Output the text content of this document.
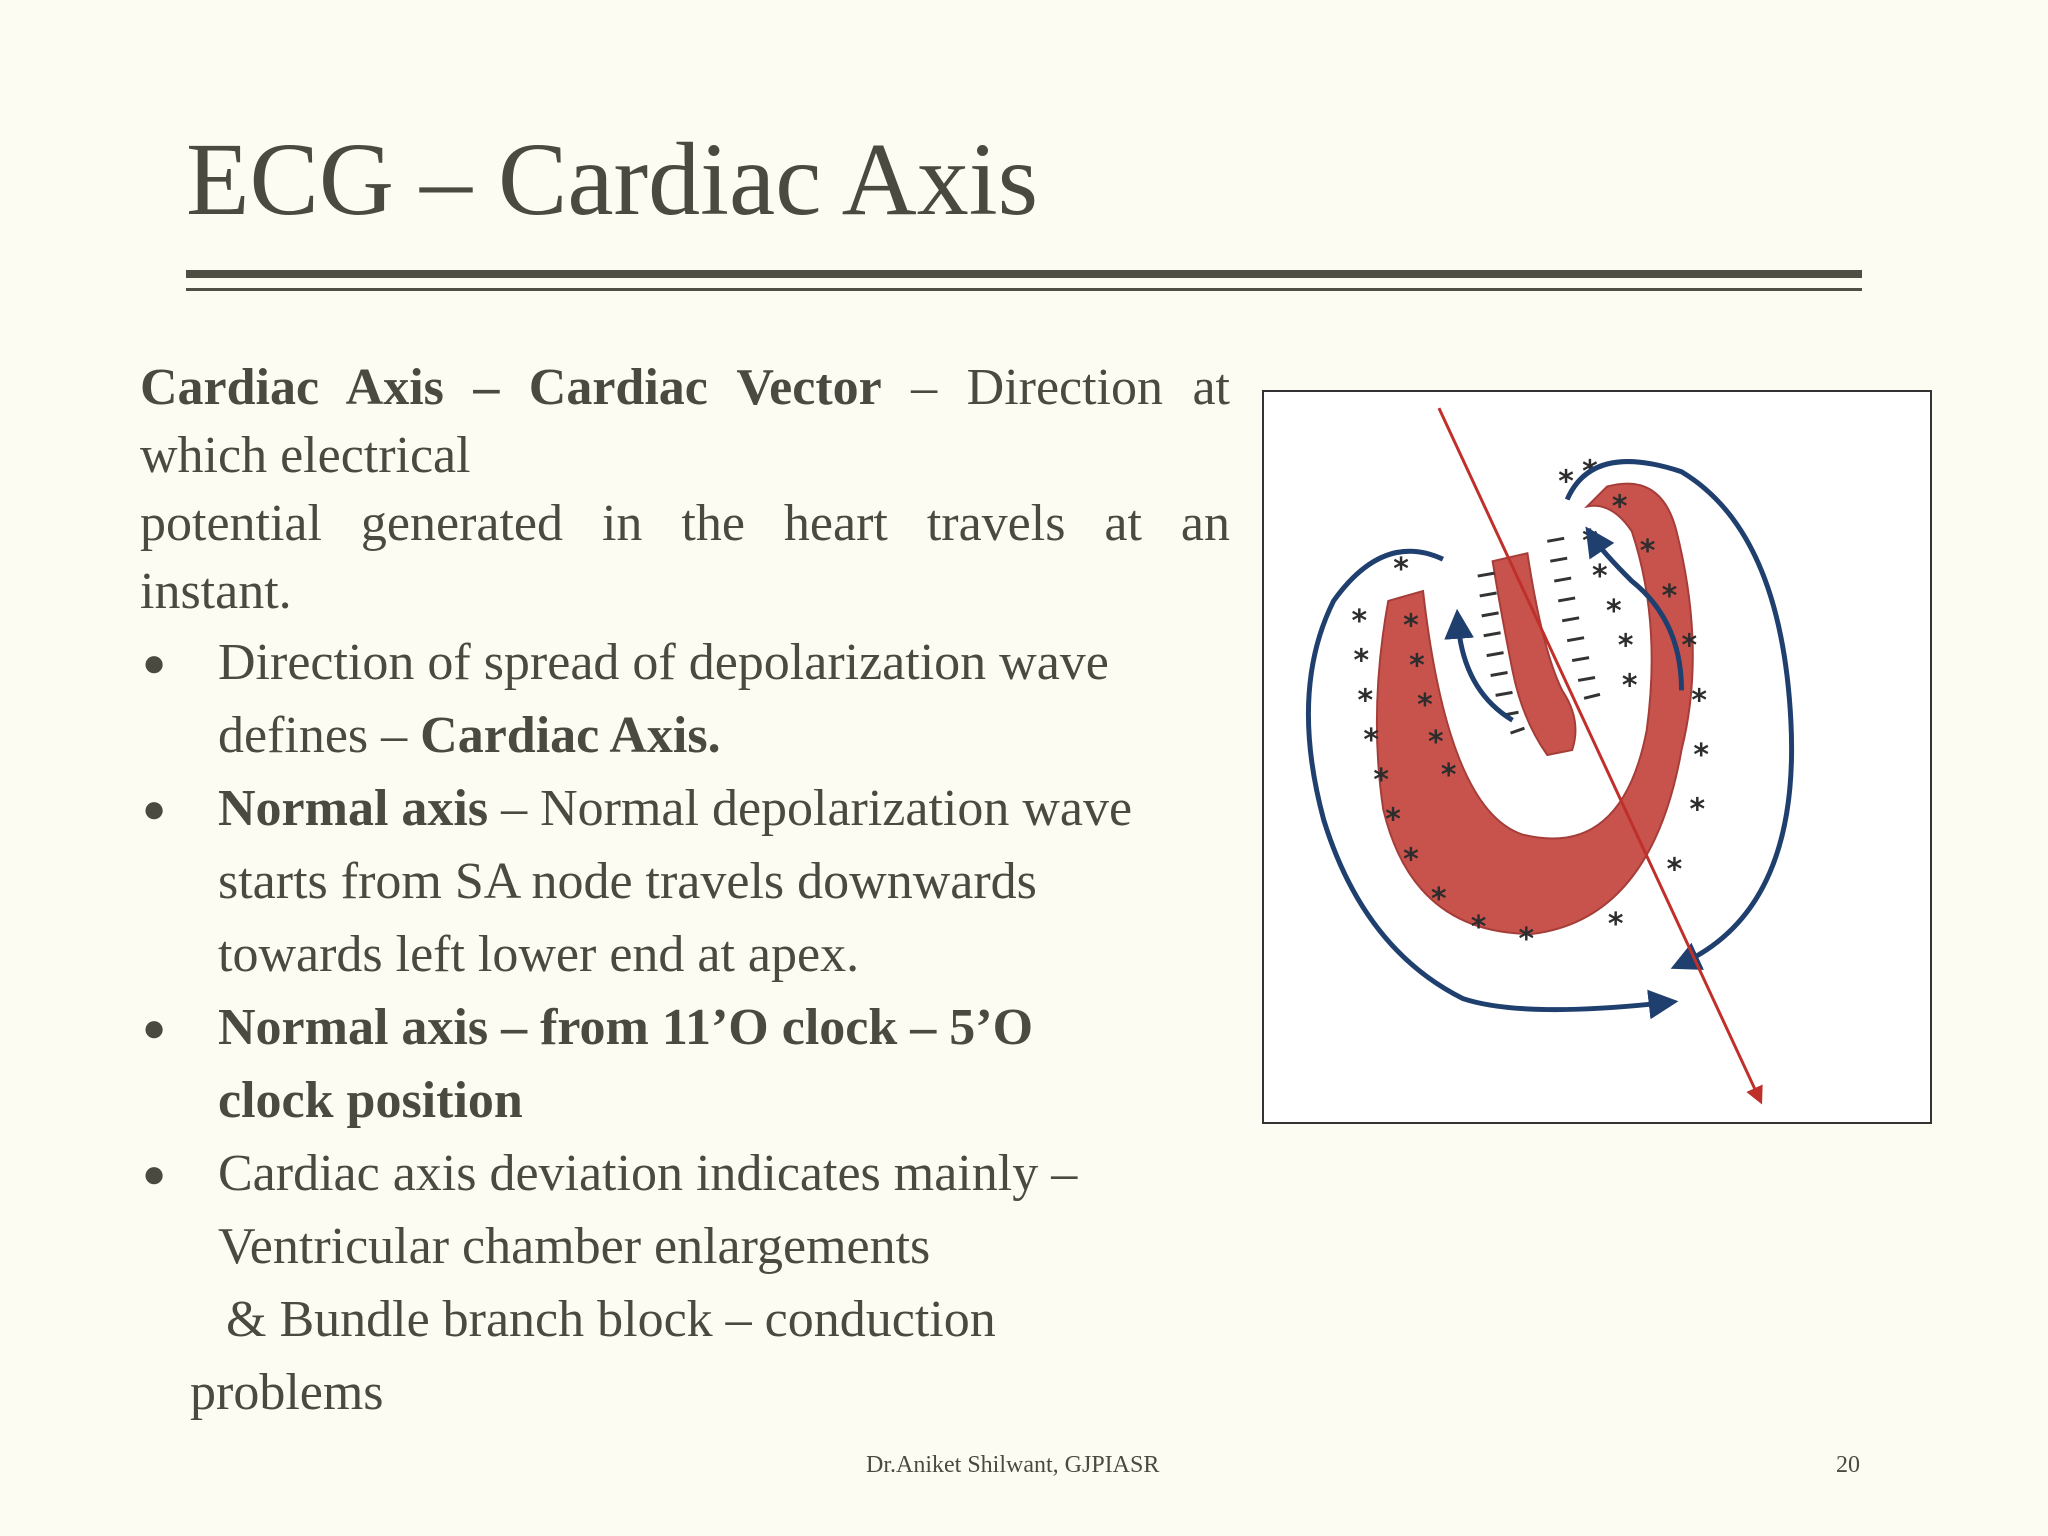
ECG – Cardiac Axis

Cardiac Axis – Cardiac Vector – Direction at
which electrical
potential generated in the heart travels at an
instant.

● Direction of spread of depolarization wave
defines – Cardiac Axis.
● Normal axis – Normal depolarization wave
starts from SA node travels downwards
towards left lower end at apex.
● Normal axis – from 11’O clock – 5’O
clock position
● Cardiac axis deviation indicates mainly –
Ventricular chamber enlargements
& Bundle branch block – conduction
problems
*
*
*
*
*
*
*
*
*
* * *
*
*
*
*
*
*
*
*
* *
*
*
*
*
*
*
*
*
*
*
Dr.Aniket Shilwant, GJPIASR	20
